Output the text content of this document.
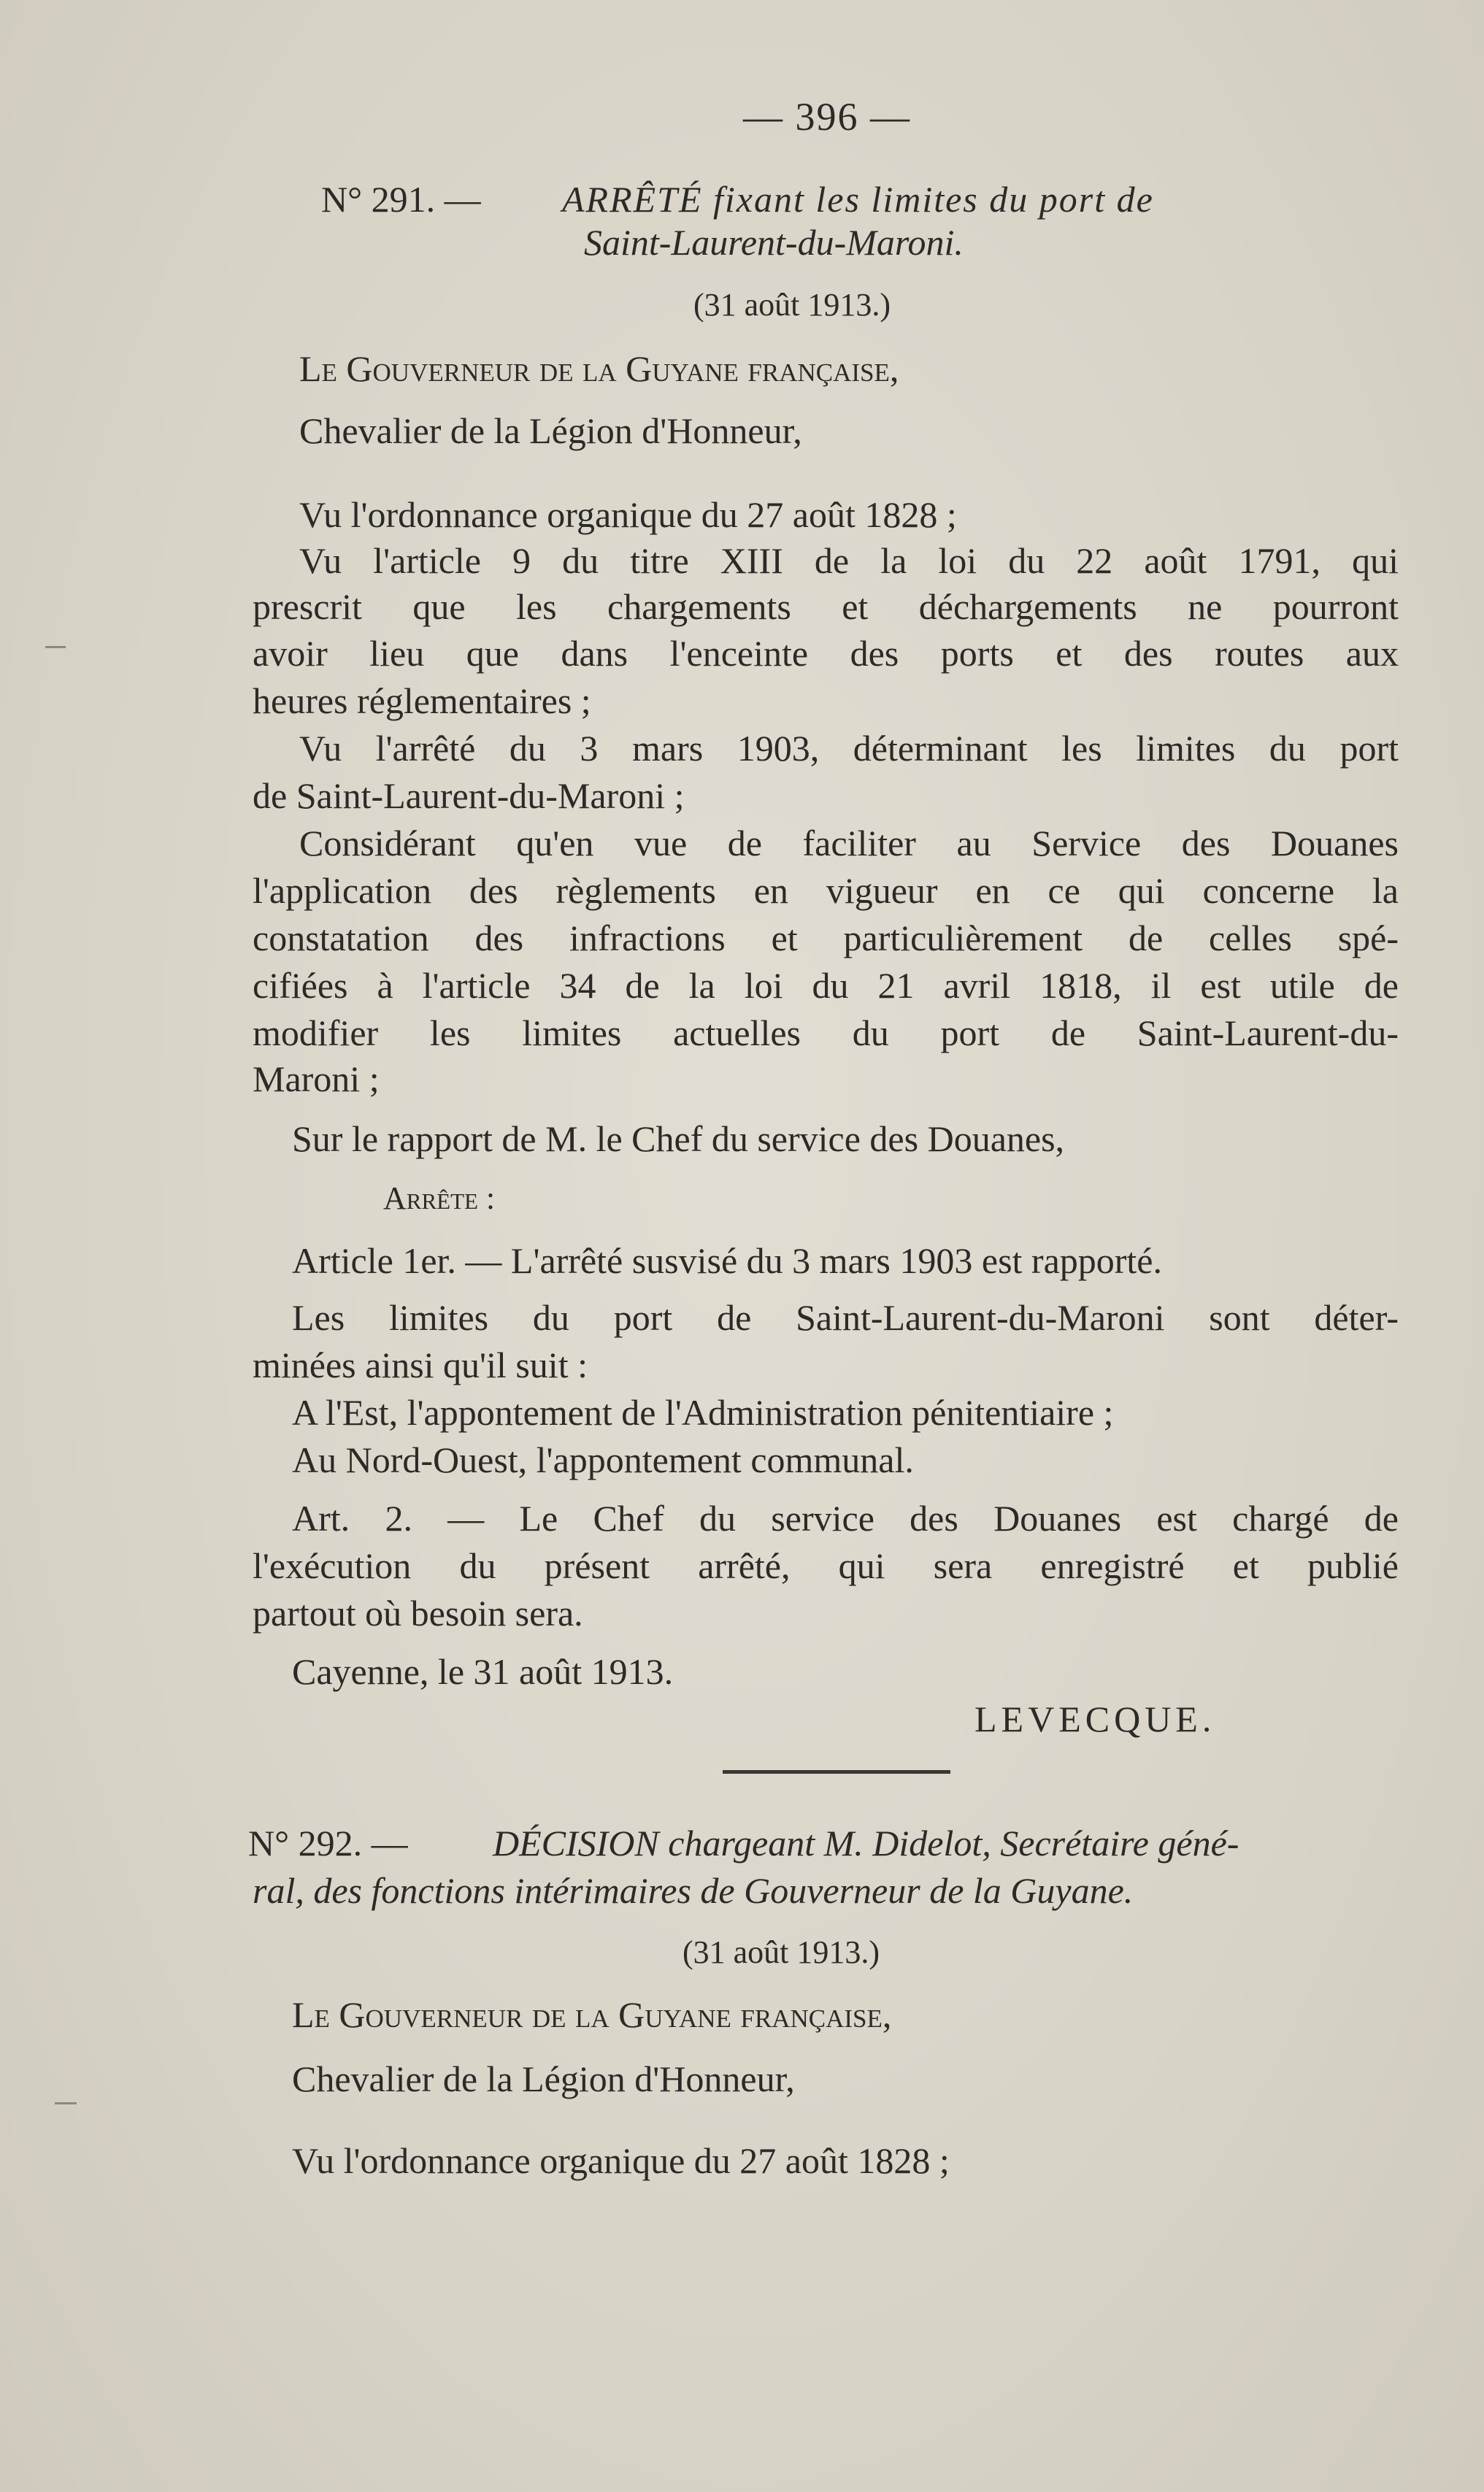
— 396 —
N° 291. — ARRÊTÉ fixant les limites du port de
Saint-Laurent-du-Maroni.
(31 août 1913.)
Le Gouverneur de la Guyane française,
Chevalier de la Légion d'Honneur,
Vu l'ordonnance organique du 27 août 1828 ;
Vu l'article 9 du titre XIII de la loi du 22 août 1791, qui
prescrit que les chargements et déchargements ne pourront
avoir lieu que dans l'enceinte des ports et des routes aux
heures réglementaires ;
Vu l'arrêté du 3 mars 1903, déterminant les limites du port
de Saint-Laurent-du-Maroni ;
Considérant qu'en vue de faciliter au Service des Douanes
l'application des règlements en vigueur en ce qui concerne la
constatation des infractions et particulièrement de celles spé-
cifiées à l'article 34 de la loi du 21 avril 1818, il est utile de
modifier les limites actuelles du port de Saint-Laurent-du-
Maroni ;
Sur le rapport de M. le Chef du service des Douanes,
Arrête :
Article 1er. — L'arrêté susvisé du 3 mars 1903 est rapporté.
Les limites du port de Saint-Laurent-du-Maroni sont déter-
minées ainsi qu'il suit :
A l'Est, l'appontement de l'Administration pénitentiaire ;
Au Nord-Ouest, l'appontement communal.
Art. 2. — Le Chef du service des Douanes est chargé de
l'exécution du présent arrêté, qui sera enregistré et publié
partout où besoin sera.
Cayenne, le 31 août 1913.
LEVECQUE.
N° 292. — DÉCISION chargeant M. Didelot, Secrétaire géné-
ral, des fonctions intérimaires de Gouverneur de la Guyane.
(31 août 1913.)
Le Gouverneur de la Guyane française,
Chevalier de la Légion d'Honneur,
Vu l'ordonnance organique du 27 août 1828 ;
